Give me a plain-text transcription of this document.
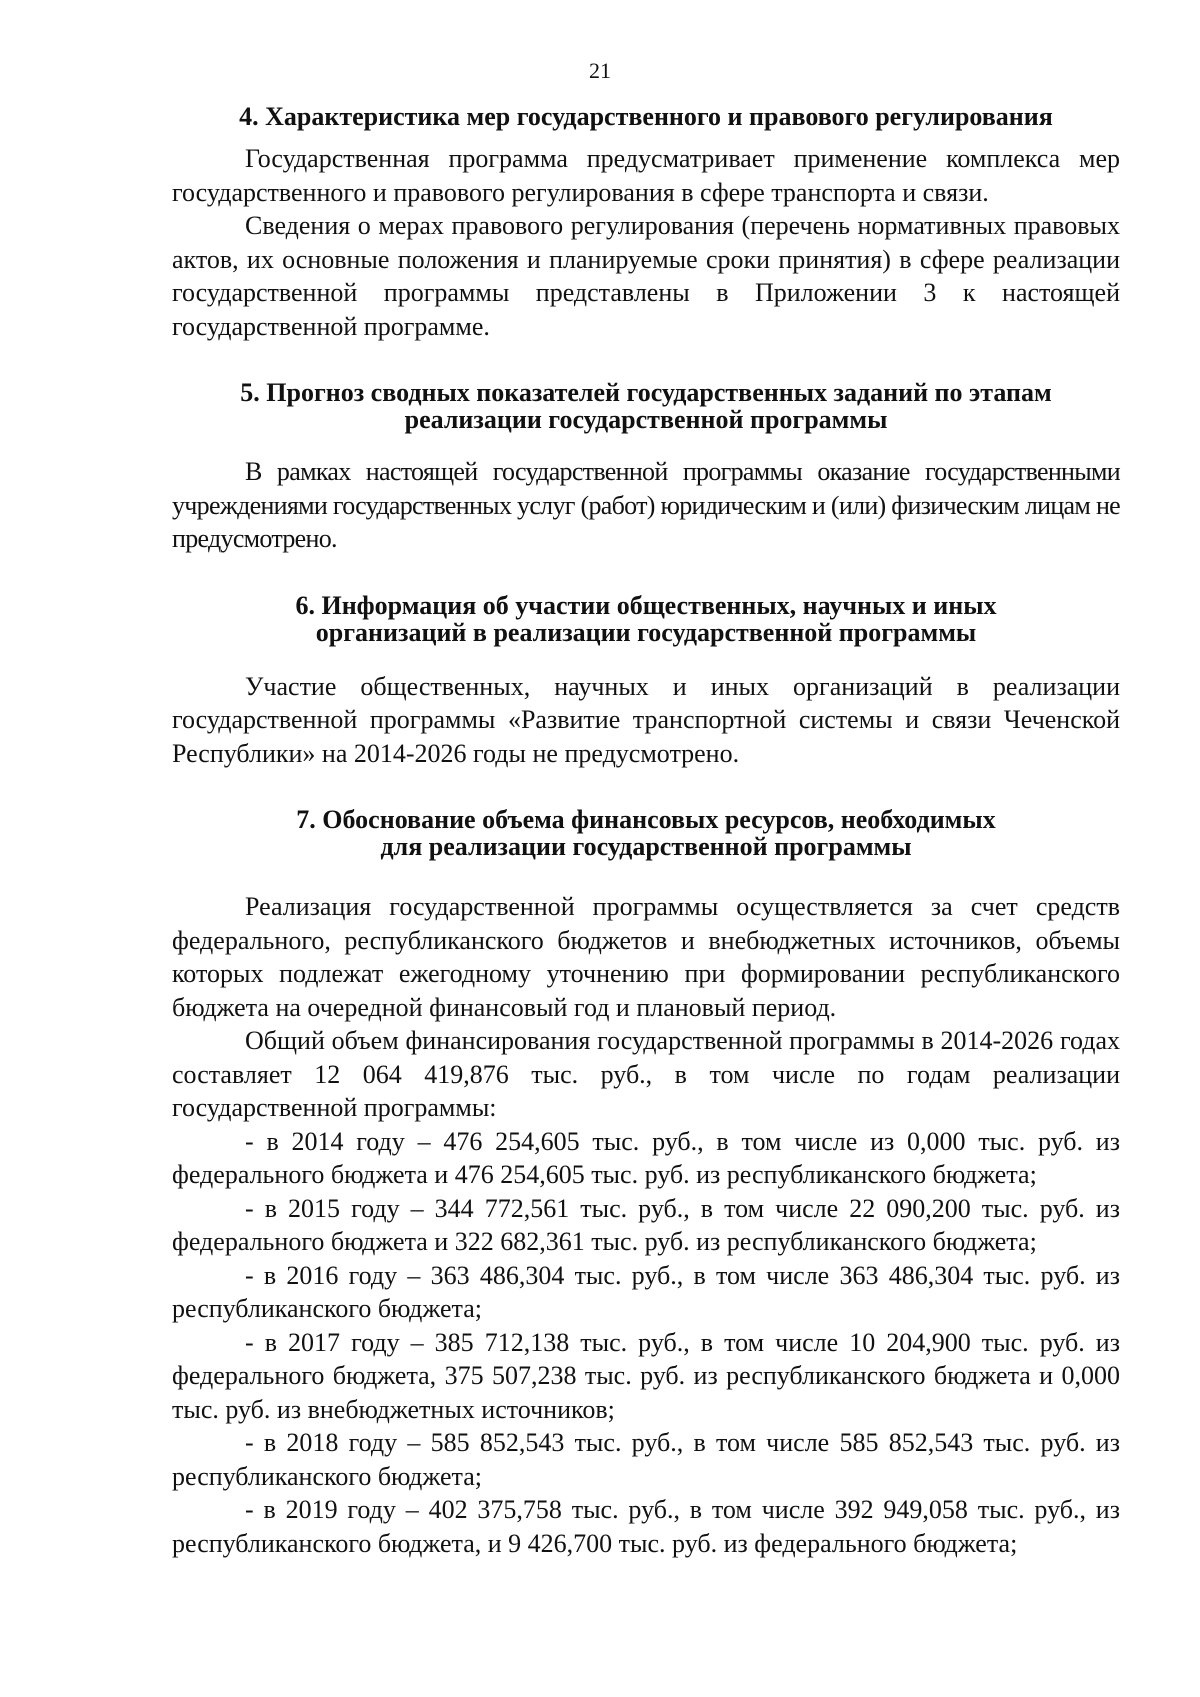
21
4. Характеристика мер государственного и правового регулирования

Государственная программа предусматривает применение комплекса мер государственного и правового регулирования в сфере транспорта и связи.

Сведения о мерах правового регулирования (перечень нормативных правовых актов, их основные положения и планируемые сроки принятия) в сфере реализации государственной программы представлены в Приложении 3 к настоящей государственной программе.

5. Прогноз сводных показателей государственных заданий по этапам
реализации государственной программы

В рамках настоящей государственной программы оказание государственными учреждениями государственных услуг (работ) юридическим и (или) физическим лицам не предусмотрено.

6. Информация об участии общественных, научных и иных
организаций в реализации государственной программы

Участие общественных, научных и иных организаций в реализации государственной программы «Развитие транспортной системы и связи Чеченской Республики» на 2014-2026 годы не предусмотрено.

7. Обоснование объема финансовых ресурсов, необходимых
для реализации государственной программы

Реализация государственной программы осуществляется за счет средств федерального, республиканского бюджетов и внебюджетных источников, объемы которых подлежат ежегодному уточнению при формировании республиканского бюджета на очередной финансовый год и плановый период.

Общий объем финансирования государственной программы в 2014-2026 годах составляет 12 064 419,876 тыс. руб., в том числе по годам реализации государственной программы:

- в 2014 году – 476 254,605 тыс. руб., в том числе из 0,000 тыс. руб. из федерального бюджета и 476 254,605 тыс. руб. из республиканского бюджета;

- в 2015 году – 344 772,561 тыс. руб., в том числе 22 090,200 тыс. руб. из федерального бюджета и 322 682,361 тыс. руб. из республиканского бюджета;

- в 2016 году – 363 486,304 тыс. руб., в том числе 363 486,304 тыс. руб. из республиканского бюджета;

- в 2017 году – 385 712,138 тыс. руб., в том числе 10 204,900 тыс. руб. из федерального бюджета, 375 507,238 тыс. руб. из республиканского бюджета и 0,000 тыс. руб. из внебюджетных источников;

- в 2018 году – 585 852,543 тыс. руб., в том числе 585 852,543 тыс. руб. из республиканского бюджета;

- в 2019 году – 402 375,758 тыс. руб., в том числе 392 949,058 тыс. руб., из республиканского бюджета, и 9 426,700 тыс. руб. из федерального бюджета;
